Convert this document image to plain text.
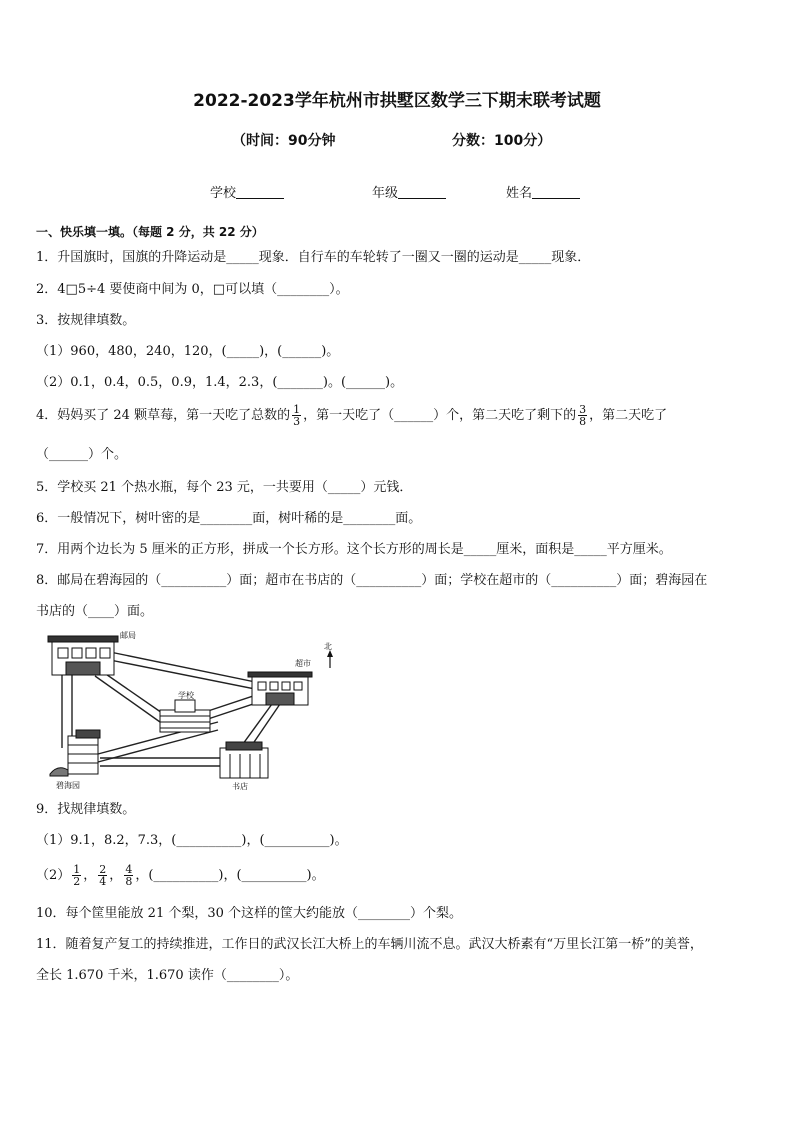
2022-2023学年杭州市拱墅区数学三下期末联考试题
（时间：90分钟	分数：100分）
学校	年级	姓名
一、快乐填一填。（每题 2 分，共 22 分）
1．升国旗时，国旗的升降运动是_____现象．自行车的车轮转了一圈又一圈的运动是_____现象．
2．4□5÷4 要使商中间为 0，□可以填（________）。
3．按规律填数。
（1）960，480，240，120，(_____)，(______)。
（2）0.1，0.4，0.5，0.9，1.4，2.3，(_______)。(______)。
4．妈妈买了 24 颗草莓，第一天吃了总数的 $\frac{1}{3}$ ，第一天吃了（______）个，第二天吃了剩下的 $\frac{3}{8}$ ，第二天吃了
（______）个。
5．学校买 21 个热水瓶，每个 23 元，一共要用（_____）元钱．
6．一般情况下，树叶密的是________面，树叶稀的是________面。
7．用两个边长为 5 厘米的正方形，拼成一个长方形。这个长方形的周长是_____厘米，面积是_____平方厘米。
8．邮局在碧海园的（__________）面；超市在书店的（__________）面；学校在超市的（__________）面；碧海园在
书店的（____）面。
邮局
超市
北
学校
碧海园	书店
9．找规律填数。
（1）9.1，8.2，7.3，(__________)，(__________)。
$(2) \frac{1}{2}$ ， $\frac{2}{4}$ ， $\frac{4}{8}$ ，(__________)，(__________)。
10．每个筐里能放 21 个梨，30 个这样的筐大约能放（________）个梨。
11．随着复产复工的持续推进，工作日的武汉长江大桥上的车辆川流不息。武汉大桥素有“万里长江第一桥”的美誉，
全长 1.670 千米，1.670 读作（________）。
